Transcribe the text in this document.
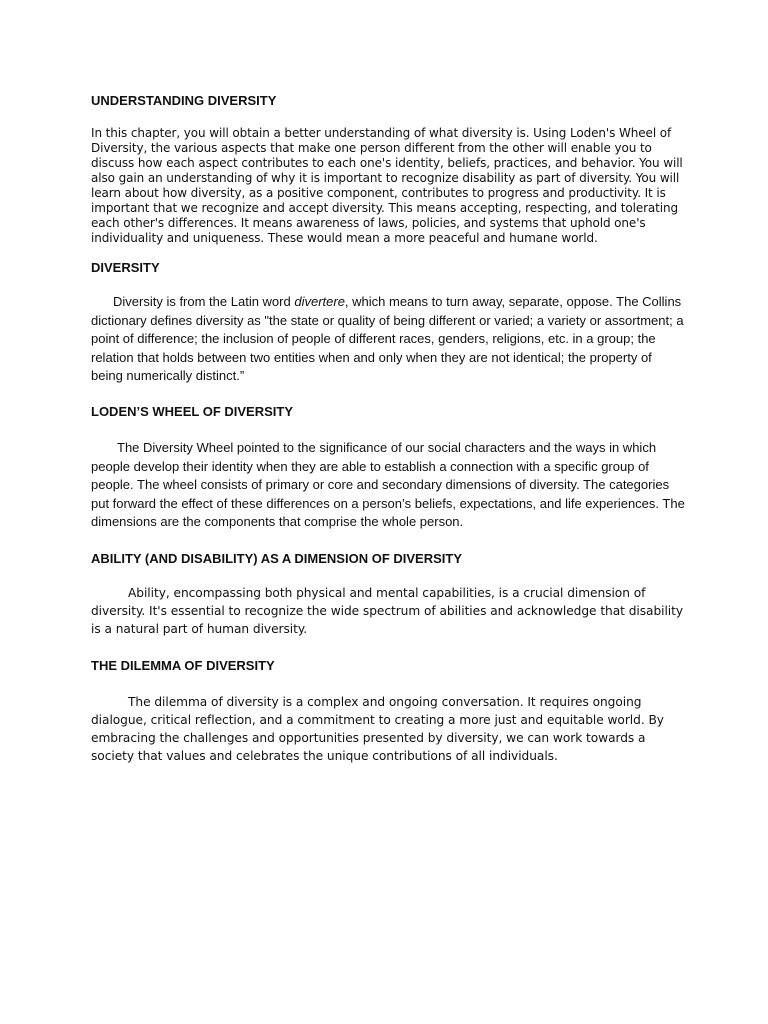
UNDERSTANDING DIVERSITY

In this chapter, you will obtain a better understanding of what diversity is. Using Loden's Wheel of Diversity, the various aspects that make one person different from the other will enable you to discuss how each aspect contributes to each one's identity, beliefs, practices, and behavior. You will also gain an understanding of why it is important to recognize disability as part of diversity. You will learn about how diversity, as a positive component, contributes to progress and productivity. It is important that we recognize and accept diversity. This means accepting, respecting, and tolerating each other's differences. It means awareness of laws, policies, and systems that uphold one's individuality and uniqueness. These would mean a more peaceful and humane world.

DIVERSITY

Diversity is from the Latin word divertere, which means to turn away, separate, oppose. The Collins dictionary defines diversity as "the state or quality of being different or varied; a variety or assortment; a point of difference; the inclusion of people of different races, genders, religions, etc. in a group; the relation that holds between two entities when and only when they are not identical; the property of being numerically distinct.”

LODEN’S WHEEL OF DIVERSITY

The Diversity Wheel pointed to the significance of our social characters and the ways in which people develop their identity when they are able to establish a connection with a specific group of people. The wheel consists of primary or core and secondary dimensions of diversity. The categories put forward the effect of these differences on a person’s beliefs, expectations, and life experiences. The dimensions are the components that comprise the whole person.

ABILITY (AND DISABILITY) AS A DIMENSION OF DIVERSITY

Ability, encompassing both physical and mental capabilities, is a crucial dimension of diversity. It's essential to recognize the wide spectrum of abilities and acknowledge that disability is a natural part of human diversity.

THE DILEMMA OF DIVERSITY

The dilemma of diversity is a complex and ongoing conversation. It requires ongoing dialogue, critical reflection, and a commitment to creating a more just and equitable world. By embracing the challenges and opportunities presented by diversity, we can work towards a society that values and celebrates the unique contributions of all individuals.
